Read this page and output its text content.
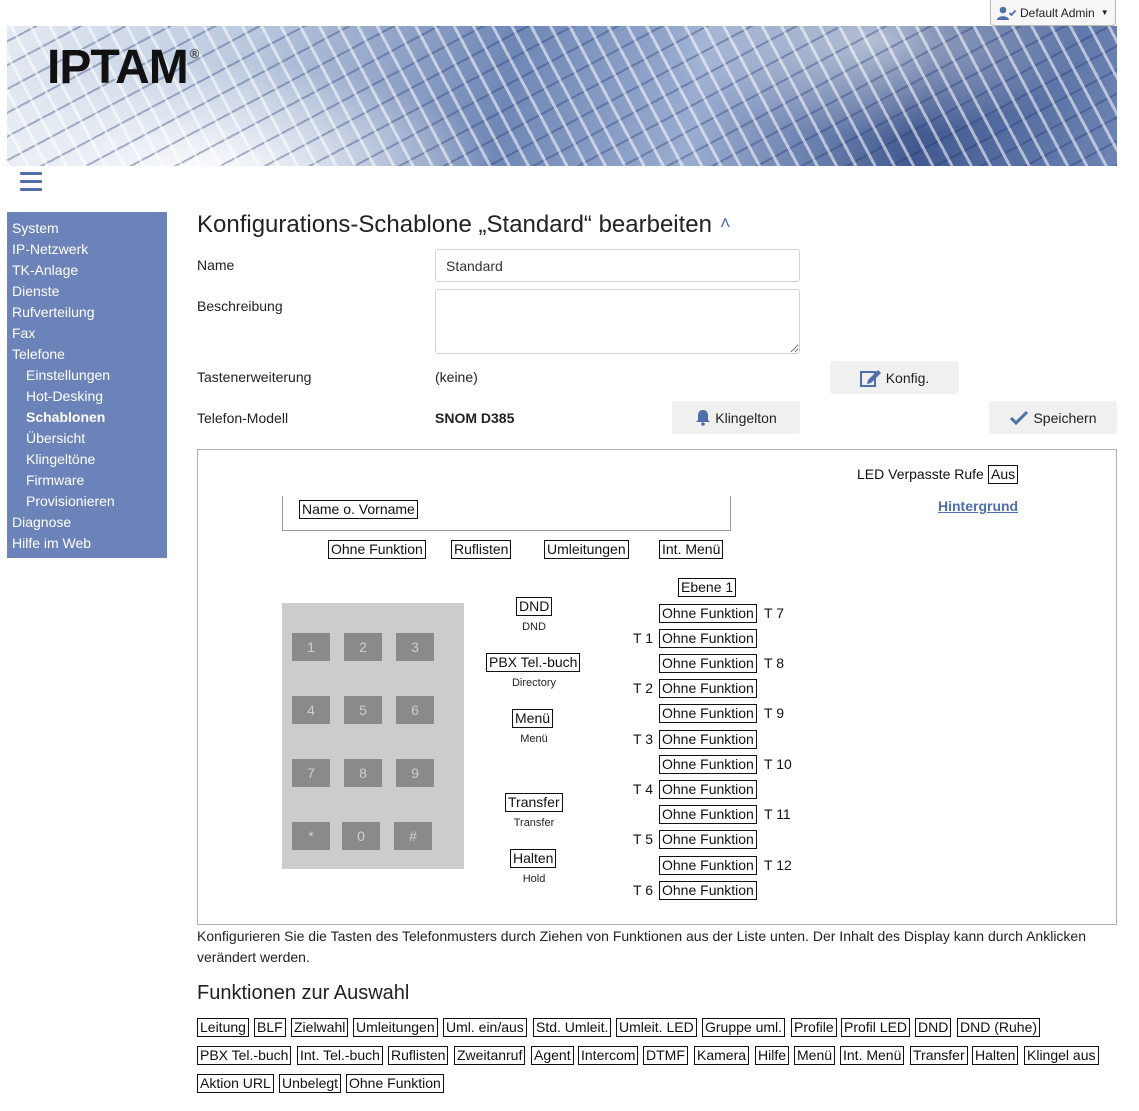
Default Admin ▼
IPTAM ®
System
IP-Netzwerk
TK-Anlage
Dienste
Rufverteilung
Fax
Telefone
Einstellungen
Hot-Desking
Schablonen
Übersicht
Klingeltöne
Firmware
Provisionieren
Diagnose
Hilfe im Web
Konfigurations-Schablone „Standard“ bearbeiten ˄
Name
Standard
Beschreibung
Tastenerweiterung	(keine)	Konfig.
Telefon-Modell	SNOM D385	Klingelton	Speichern
LED Verpasste Rufe Aus
Hintergrund
Name o. Vorname
Ohne Funktion Ruflisten	Umleitungen	Int. Menü
1	2	3
4	5	6
7	8	9
*	0	#
DND
DND
PBX Tel.-buch
Directory
Menü
Menü
Transfer
Transfer
Halten
Hold
Ebene 1
Ohne Funktion T 7
T 1 Ohne Funktion
Ohne Funktion T 8
T 2 Ohne Funktion
Ohne Funktion T 9
T 3 Ohne Funktion
Ohne Funktion T 10
T 4 Ohne Funktion
Ohne Funktion T 11
T 5 Ohne Funktion
Ohne Funktion T 12
T 6 Ohne Funktion
Konfigurieren Sie die Tasten des Telefonmusters durch Ziehen von Funktionen aus der Liste unten. Der Inhalt des Display kann durch Anklicken verändert werden.
Funktionen zur Auswahl
Leitung BLF Zielwahl Umleitungen Uml. ein/aus Std. Umleit. Umleit. LED Gruppe uml. Profile Profil LED DND DND (Ruhe)
PBX Tel.-buch Int. Tel.-buch Ruflisten Zweitanruf Agent Intercom DTMF Kamera Hilfe Menü Int. Menü Transfer Halten Klingel aus
Aktion URL Unbelegt Ohne Funktion
